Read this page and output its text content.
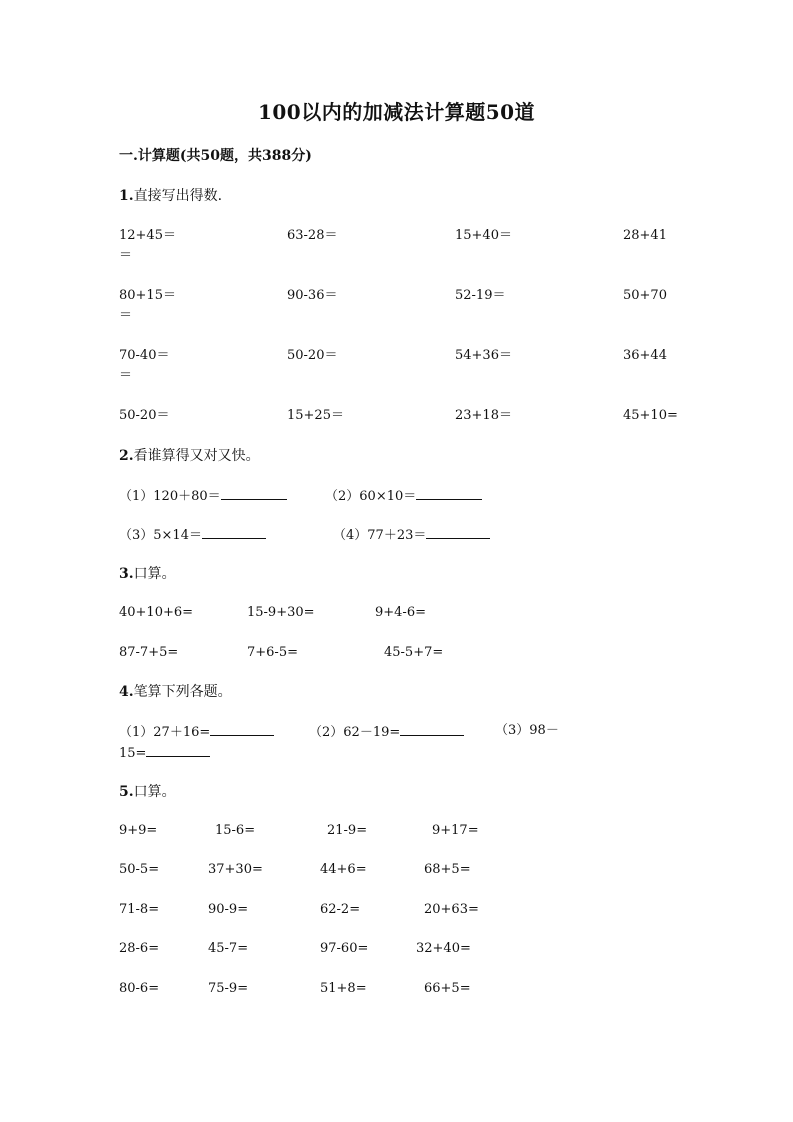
100以内的加减法计算题50道
一.计算题(共50题，共388分)
1.直接写出得数.
12+45＝	63-28＝	15+40＝	28+41
＝
80+15＝	90-36＝	52-19＝	50+70
＝
70-40＝	50-20＝	54+36＝	36+44
＝
50-20＝	15+25＝	23+18＝	45+10=
2.看谁算得又对又快。
（1）120＋80＝	（2）60×10＝
（3）5×14＝	（4）77＋23＝
3.口算。
40+10+6=	15-9+30=	9+4-6=
87-7+5=	7+6-5=	45-5+7=
4.笔算下列各题。
（1）27＋16=	（2）62－19=	（3）98－
15=
5.口算。
9+9=	15-6=	21-9=	9+17=
50-5=	37+30=	44+6=	68+5=
71-8=	90-9=	62-2=	20+63=
28-6=	45-7=	97-60=	32+40=
80-6=	75-9=	51+8=	66+5=
